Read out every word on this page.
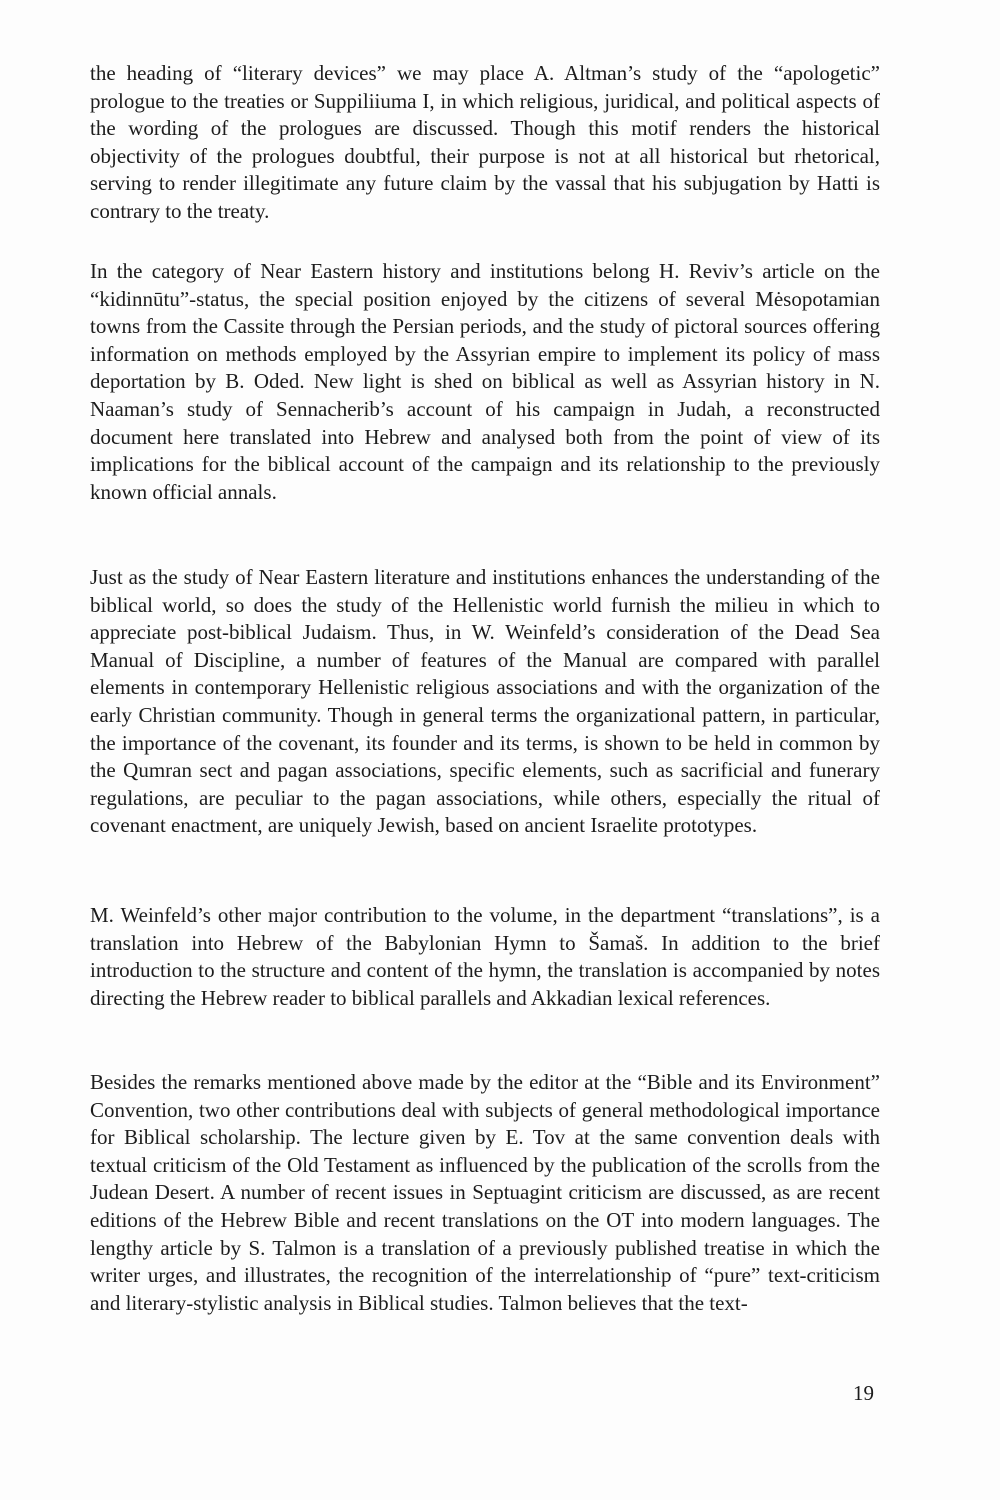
the heading of “literary devices” we may place A. Altman’s study of the “apologetic” prologue to the treaties or Suppiliiuma I, in which religious, juridical, and political aspects of the wording of the prologues are discussed. Though this motif renders the historical objectivity of the prologues doubtful, their purpose is not at all historical but rhetorical, serving to render illegitimate any future claim by the vassal that his subjugation by Hatti is contrary to the treaty.

In the category of Near Eastern history and institutions belong H. Reviv’s article on the “kidinnūtu”-status, the special position enjoyed by the citizens of several Mėsopotamian towns from the Cassite through the Persian periods, and the study of pictoral sources offering information on methods employed by the Assyrian empire to implement its policy of mass deportation by B. Oded. New light is shed on biblical as well as Assyrian history in N. Naaman’s study of Sennacherib’s account of his campaign in Judah, a reconstructed document here translated into Hebrew and analysed both from the point of view of its implications for the biblical account of the campaign and its relationship to the previously known official annals.

Just as the study of Near Eastern literature and institutions enhances the understanding of the biblical world, so does the study of the Hellenistic world furnish the milieu in which to appreciate post-biblical Judaism. Thus, in W. Weinfeld’s consideration of the Dead Sea Manual of Discipline, a number of features of the Manual are compared with parallel elements in contemporary Hellenistic religious associations and with the organization of the early Christian community. Though in general terms the organizational pattern, in particular, the importance of the covenant, its founder and its terms, is shown to be held in common by the Qumran sect and pagan associations, specific elements, such as sacrificial and funerary regulations, are peculiar to the pagan associations, while others, especially the ritual of covenant enactment, are uniquely Jewish, based on ancient Israelite prototypes.

M. Weinfeld’s other major contribution to the volume, in the department “translations”, is a translation into Hebrew of the Babylonian Hymn to Šamaš. In addition to the brief introduction to the structure and content of the hymn, the translation is accompanied by notes directing the Hebrew reader to biblical parallels and Akkadian lexical references.

Besides the remarks mentioned above made by the editor at the “Bible and its Environment” Convention, two other contributions deal with subjects of general methodological importance for Biblical scholarship. The lecture given by E. Tov at the same convention deals with textual criticism of the Old Testament as influenced by the publication of the scrolls from the Judean Desert. A number of recent issues in Septuagint criticism are discussed, as are recent editions of the Hebrew Bible and recent translations on the OT into modern languages. The lengthy article by S. Talmon is a translation of a previously published treatise in which the writer urges, and illustrates, the recognition of the interrelationship of “pure” text-criticism and literary-stylistic analysis in Biblical studies. Talmon believes that the text-

19
